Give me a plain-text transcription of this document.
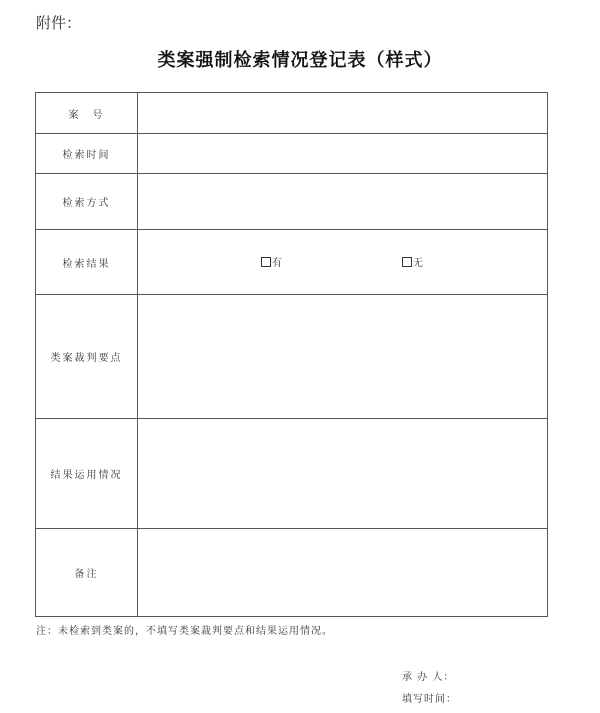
附件：
类案强制检索情况登记表（样式）
案　号	
检索时间	
检索方式	
检索结果	有 无

类案裁判要点	
结果运用情况	
备注	
注：未检索到类案的，不填写类案裁判要点和结果运用情况。
承 办 人：
填写时间：
